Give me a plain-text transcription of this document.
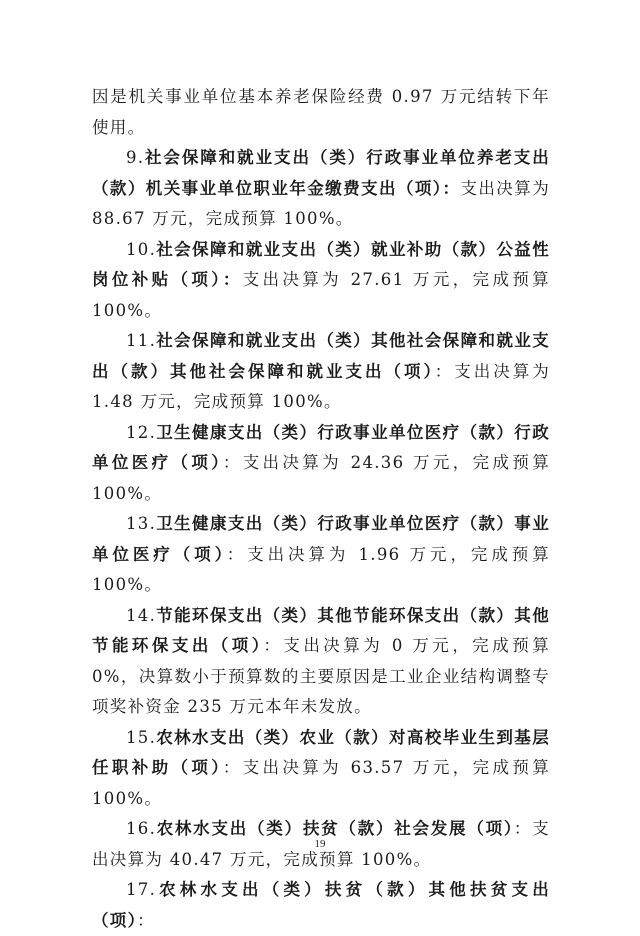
因是机关事业单位基本养老保险经费 0.97 万元结转下年使用。

9.社会保障和就业支出（类）行政事业单位养老支出（款）机关事业单位职业年金缴费支出（项）：支出决算为 88.67 万元，完成预算 100%。

10.社会保障和就业支出（类）就业补助（款）公益性岗位补贴（项）：支出决算为 27.61 万元，完成预算 100%。

11.社会保障和就业支出（类）其他社会保障和就业支出（款）其他社会保障和就业支出（项）：支出决算为 1.48 万元，完成预算 100%。

12.卫生健康支出（类）行政事业单位医疗（款）行政单位医疗（项）：支出决算为 24.36 万元，完成预算 100%。

13.卫生健康支出（类）行政事业单位医疗（款）事业单位医疗（项）：支出决算为 1.96 万元，完成预算 100%。

14.节能环保支出（类）其他节能环保支出（款）其他节能环保支出（项）：支出决算为 0 万元，完成预算 0%，决算数小于预算数的主要原因是工业企业结构调整专项奖补资金 235 万元本年未发放。

15.农林水支出（类）农业（款）对高校毕业生到基层任职补助（项）：支出决算为 63.57 万元，完成预算 100%。

16.农林水支出（类）扶贫（款）社会发展（项）：支出决算为 40.47 万元，完成预算 100%。

17.农林水支出（类）扶贫（款）其他扶贫支出（项）：

19
